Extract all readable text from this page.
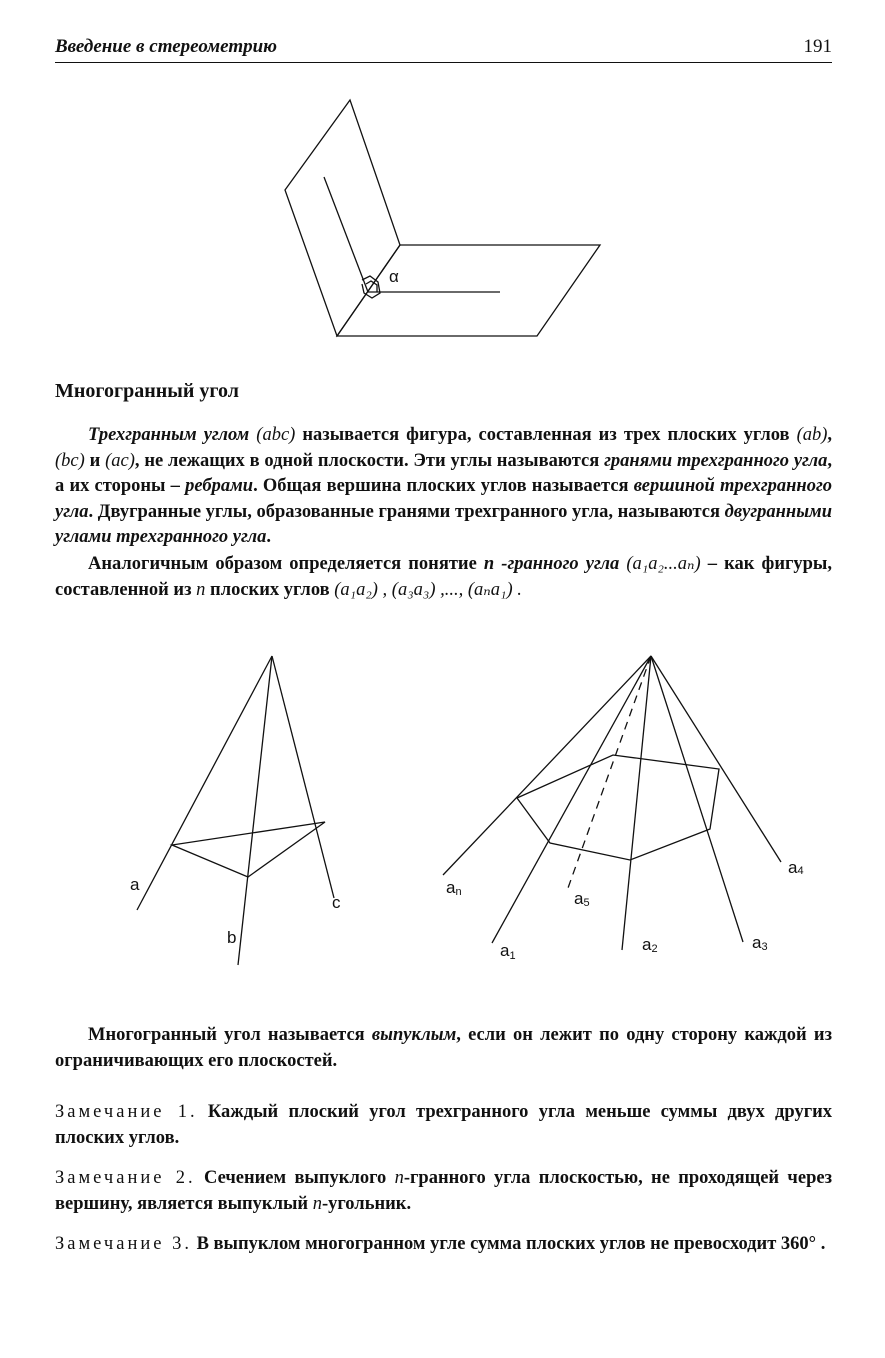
Введение в стереометрию	191
α
Многогранный угол
Трехгранным углом (abc) называется фигура, составленная из трех плоских углов (ab), (bc) и (ac), не лежащих в одной плоскости. Эти углы называются гранями трехгранного угла, а их стороны – ребрами. Общая вершина плоских углов называется вершиной трехгранного угла. Двугранные углы, образованные гранями трехгранного угла, называются двугранными углами трехгранного угла.
Аналогичным образом определяется понятие n -гранного угла (a₁a₂...aₙ) – как фигуры, составленной из n плоских углов (a₁a₂) , (a₃a₃) ,..., (aₙa₁) .
a
b
c
an
a1
a2	a3
a4
a5
Многогранный угол называется выпуклым, если он лежит по одну сторону каждой из ограничивающих его плоскостей.
Замечание 1. Каждый плоский угол трехгранного угла меньше суммы двух других плоских углов.
Замечание 2. Сечением выпуклого n-гранного угла плоскостью, не проходящей через вершину, является выпуклый n-угольник.
Замечание 3. В выпуклом многогранном угле сумма плоских углов не превосходит 360° .
